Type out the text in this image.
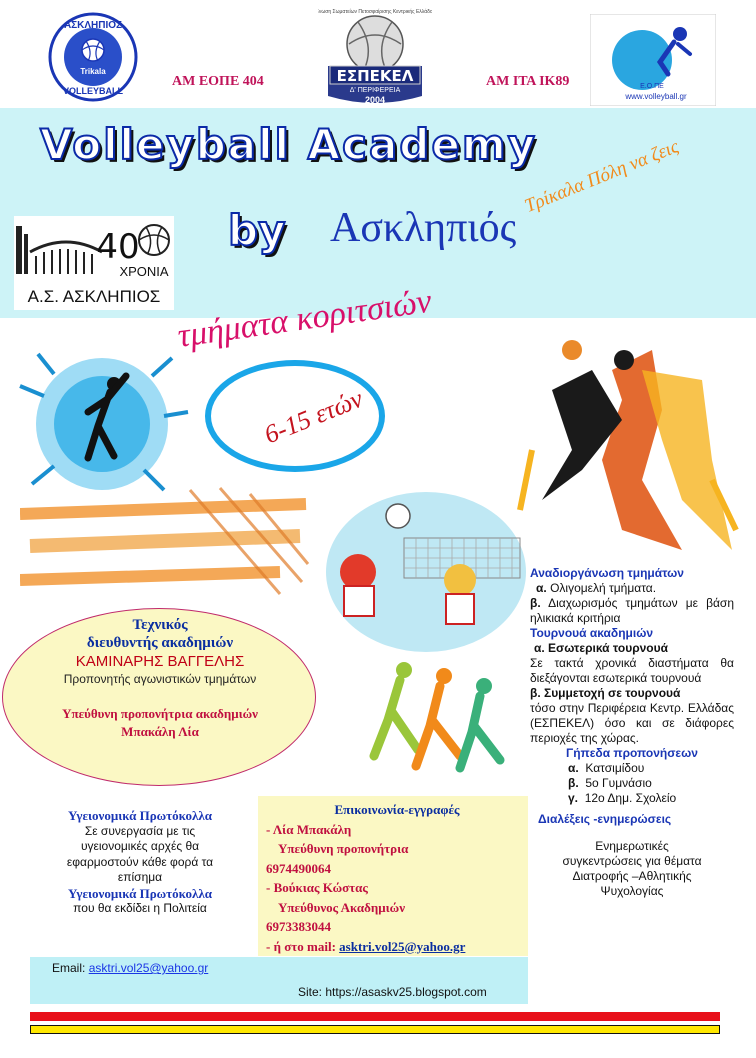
ΑΣΚΛΗΠΙΟΣ
Trikala
VOLLEYBALL
ΑΜ ΕΟΠΕ 404	ΕΣΠΕΚΕΛ
Δ' ΠΕΡΙΦΕΡΕΙΑ
2004
Ένωση Σωματείων Πετοσφαίρισης Κεντρικής Ελλάδος
ΑΜ ΙΤΑ ΙΚ89	Ε.Ο.ΠΕ
www.volleyball.gr
Volleyball Academy
40
ΧΡΟΝΙΑ
Α.Σ. ΑΣΚΛΗΠΙΟΣ
by Ασκληπιός
Τρίκαλα Πόλη να ζεις
τμήματα κοριτσιών
6-15 ετών
Τεχνικός
διευθυντής ακαδημιών
ΚΑΜΙΝΑΡΗΣ ΒΑΓΓΕΛΗΣ
Προπονητής αγωνιστικών τμημάτων
Υπεύθυνη προπονήτρια ακαδημιών
Μπακάλη Λία
Αναδιοργάνωση τμημάτων
α. Ολιγομελή τμήματα.
β. Διαχωρισμός τμημάτων με βάση ηλικιακά κριτήρια
Τουρνουά ακαδημιών
α. Εσωτερικά τουρνουά
Σε τακτά χρονικά διαστήματα θα διεξάγονται εσωτερικά τουρνουά
β. Συμμετοχή σε τουρνουά
τόσο στην Περιφέρεια Κεντρ. Ελλάδας (ΕΣΠΕΚΕΛ) όσο και σε διάφορες περιοχές της χώρας.
Γήπεδα προπονήσεων
α. Κατσιμίδου
β. 5ο Γυμνάσιο
γ. 12ο Δημ. Σχολείο
Διαλέξεις -ενημερώσεις
Ενημερωτικές
συγκεντρώσεις για θέματα
Διατροφής –Αθλητικής
Ψυχολογίας
Υγειονομικά Πρωτόκολλα
Σε συνεργασία με τις
υγειονομικές αρχές θα
εφαρμοστούν κάθε φορά τα
επίσημα
Υγειονομικά Πρωτόκολλα
που θα εκδίδει η Πολιτεία
Επικοινωνία-εγγραφές
- Λία Μπακάλη
Υπεύθυνη προπονήτρια
6974490064
- Βούκιας Κώστας
Υπεύθυνος Ακαδημιών
6973383044
- ή στο mail: asktri.vol25@yahoo.gr
Email: asktri.vol25@yahoo.gr
Site: https://asaskv25.blogspot.com
